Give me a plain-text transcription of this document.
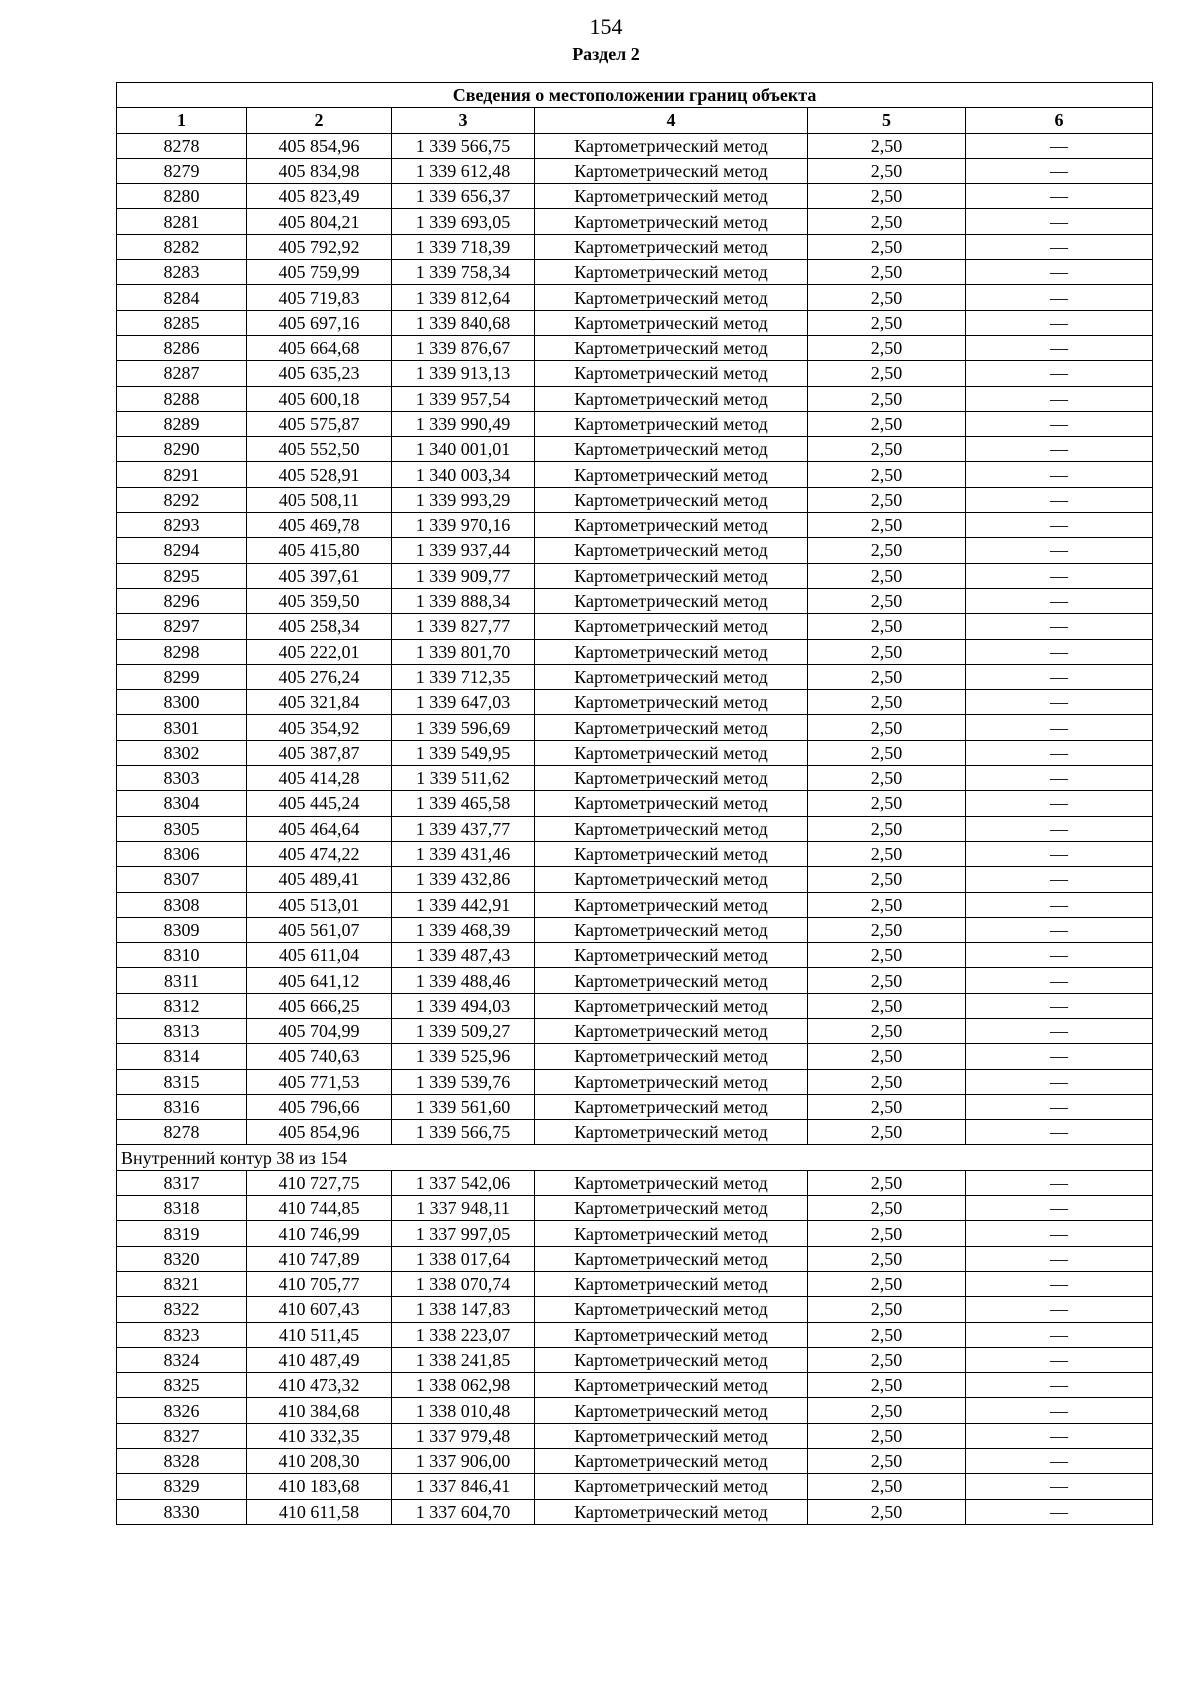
154
Раздел 2
Сведения о местоположении границ объекта					
1	2	3	4	5	6
8278	405 854,96	1 339 566,75	Картометрический метод	2,50	—
8279	405 834,98	1 339 612,48	Картометрический метод	2,50	—
8280	405 823,49	1 339 656,37	Картометрический метод	2,50	—
8281	405 804,21	1 339 693,05	Картометрический метод	2,50	—
8282	405 792,92	1 339 718,39	Картометрический метод	2,50	—
8283	405 759,99	1 339 758,34	Картометрический метод	2,50	—
8284	405 719,83	1 339 812,64	Картометрический метод	2,50	—
8285	405 697,16	1 339 840,68	Картометрический метод	2,50	—
8286	405 664,68	1 339 876,67	Картометрический метод	2,50	—
8287	405 635,23	1 339 913,13	Картометрический метод	2,50	—
8288	405 600,18	1 339 957,54	Картометрический метод	2,50	—
8289	405 575,87	1 339 990,49	Картометрический метод	2,50	—
8290	405 552,50	1 340 001,01	Картометрический метод	2,50	—
8291	405 528,91	1 340 003,34	Картометрический метод	2,50	—
8292	405 508,11	1 339 993,29	Картометрический метод	2,50	—
8293	405 469,78	1 339 970,16	Картометрический метод	2,50	—
8294	405 415,80	1 339 937,44	Картометрический метод	2,50	—
8295	405 397,61	1 339 909,77	Картометрический метод	2,50	—
8296	405 359,50	1 339 888,34	Картометрический метод	2,50	—
8297	405 258,34	1 339 827,77	Картометрический метод	2,50	—
8298	405 222,01	1 339 801,70	Картометрический метод	2,50	—
8299	405 276,24	1 339 712,35	Картометрический метод	2,50	—
8300	405 321,84	1 339 647,03	Картометрический метод	2,50	—
8301	405 354,92	1 339 596,69	Картометрический метод	2,50	—
8302	405 387,87	1 339 549,95	Картометрический метод	2,50	—
8303	405 414,28	1 339 511,62	Картометрический метод	2,50	—
8304	405 445,24	1 339 465,58	Картометрический метод	2,50	—
8305	405 464,64	1 339 437,77	Картометрический метод	2,50	—
8306	405 474,22	1 339 431,46	Картометрический метод	2,50	—
8307	405 489,41	1 339 432,86	Картометрический метод	2,50	—
8308	405 513,01	1 339 442,91	Картометрический метод	2,50	—
8309	405 561,07	1 339 468,39	Картометрический метод	2,50	—
8310	405 611,04	1 339 487,43	Картометрический метод	2,50	—
8311	405 641,12	1 339 488,46	Картометрический метод	2,50	—
8312	405 666,25	1 339 494,03	Картометрический метод	2,50	—
8313	405 704,99	1 339 509,27	Картометрический метод	2,50	—
8314	405 740,63	1 339 525,96	Картометрический метод	2,50	—
8315	405 771,53	1 339 539,76	Картометрический метод	2,50	—
8316	405 796,66	1 339 561,60	Картометрический метод	2,50	—
8278	405 854,96	1 339 566,75	Картометрический метод	2,50	—
Внутренний контур 38 из 154					
8317	410 727,75	1 337 542,06	Картометрический метод	2,50	—
8318	410 744,85	1 337 948,11	Картометрический метод	2,50	—
8319	410 746,99	1 337 997,05	Картометрический метод	2,50	—
8320	410 747,89	1 338 017,64	Картометрический метод	2,50	—
8321	410 705,77	1 338 070,74	Картометрический метод	2,50	—
8322	410 607,43	1 338 147,83	Картометрический метод	2,50	—
8323	410 511,45	1 338 223,07	Картометрический метод	2,50	—
8324	410 487,49	1 338 241,85	Картометрический метод	2,50	—
8325	410 473,32	1 338 062,98	Картометрический метод	2,50	—
8326	410 384,68	1 338 010,48	Картометрический метод	2,50	—
8327	410 332,35	1 337 979,48	Картометрический метод	2,50	—
8328	410 208,30	1 337 906,00	Картометрический метод	2,50	—
8329	410 183,68	1 337 846,41	Картометрический метод	2,50	—
8330	410 611,58	1 337 604,70	Картометрический метод	2,50	—
